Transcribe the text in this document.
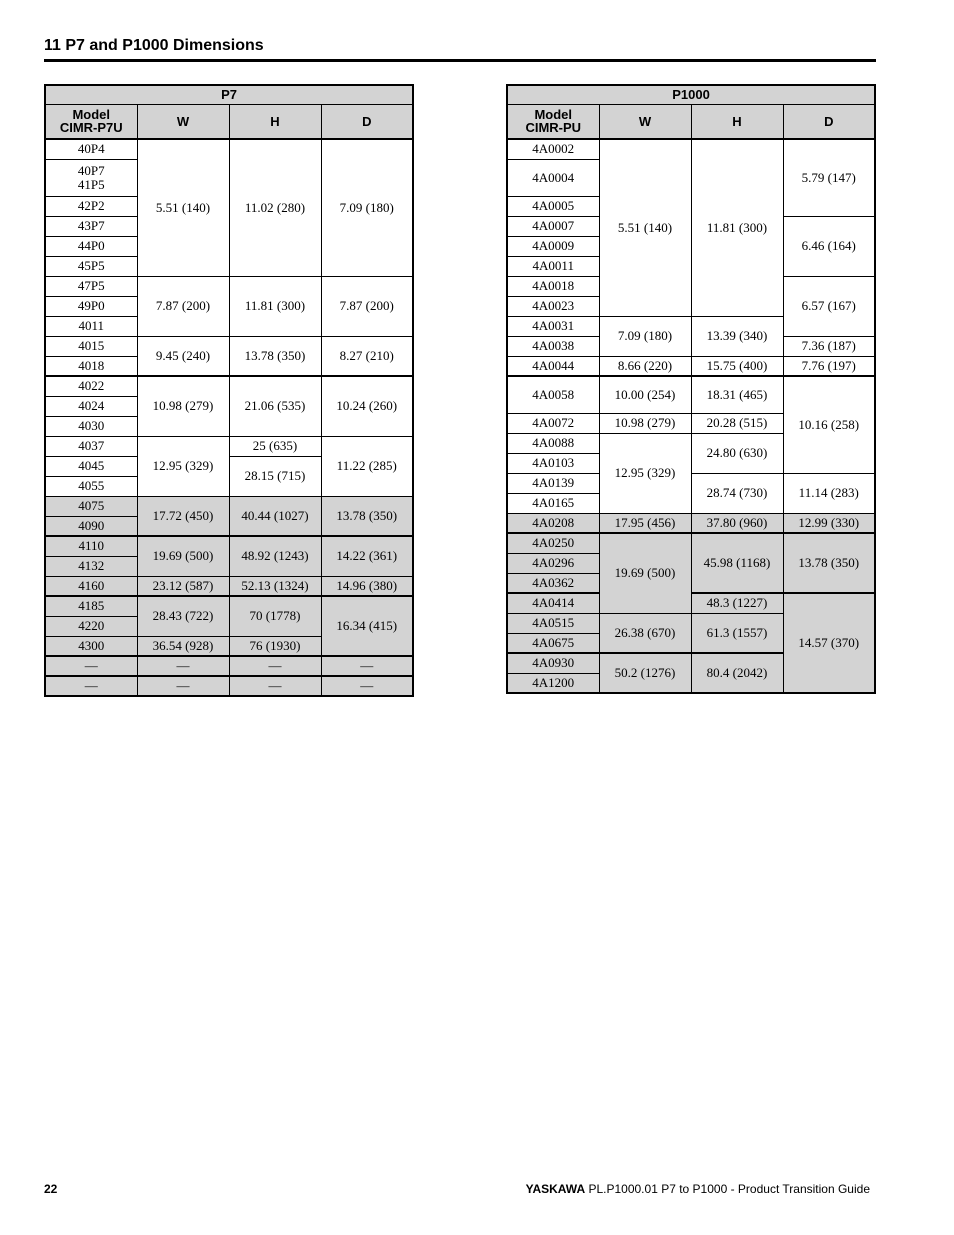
11 P7 and P1000 Dimensions
P7			
Model
CIMR-P7U	W	H	D
40P4	5.51 (140)	11.02 (280)	7.09 (180)
40P7
41P5			
42P2			
43P7			
44P0			
45P5			
47P5	7.87 (200)	11.81 (300)	7.87 (200)
49P0			
4011			
4015	9.45 (240)	13.78 (350)	8.27 (210)
4018			
4022	10.98 (279)	21.06 (535)	10.24 (260)
4024			
4030			
4037	12.95 (329)	25 (635)	11.22 (285)
4045		28.15 (715)	
4055			
4075	17.72 (450)	40.44 (1027)	13.78 (350)
4090			
4110	19.69 (500)	48.92 (1243)	14.22 (361)
4132			
4160	23.12 (587)	52.13 (1324)	14.96 (380)
4185	28.43 (722)	70 (1778)	16.34 (415)
4220			
4300	36.54 (928)	76 (1930)	
—	—	—	—
—	—	—	—
P1000			
Model
CIMR-PU	W	H	D
4A0002	5.51 (140)	11.81 (300)	5.79 (147)
4A0004			
4A0005			
4A0007			6.46 (164)
4A0009			
4A0011			
4A0018			6.57 (167)
4A0023			
4A0031	7.09 (180)	13.39 (340)	
4A0038			7.36 (187)
4A0044	8.66 (220)	15.75 (400)	7.76 (197)
4A0058	10.00 (254)	18.31 (465)	10.16 (258)
4A0072	10.98 (279)	20.28 (515)	
4A0088	12.95 (329)	24.80 (630)	
4A0103			
4A0139		28.74 (730)	11.14 (283)
4A0165			
4A0208	17.95 (456)	37.80 (960)	12.99 (330)
4A0250	19.69 (500)	45.98 (1168)	13.78 (350)
4A0296			
4A0362			
4A0414		48.3 (1227)	14.57 (370)
4A0515	26.38 (670)	61.3 (1557)	
4A0675			
4A0930	50.2 (1276)	80.4 (2042)	
4A1200			
22	YASKAWA PL.P1000.01 P7 to P1000 - Product Transition Guide
